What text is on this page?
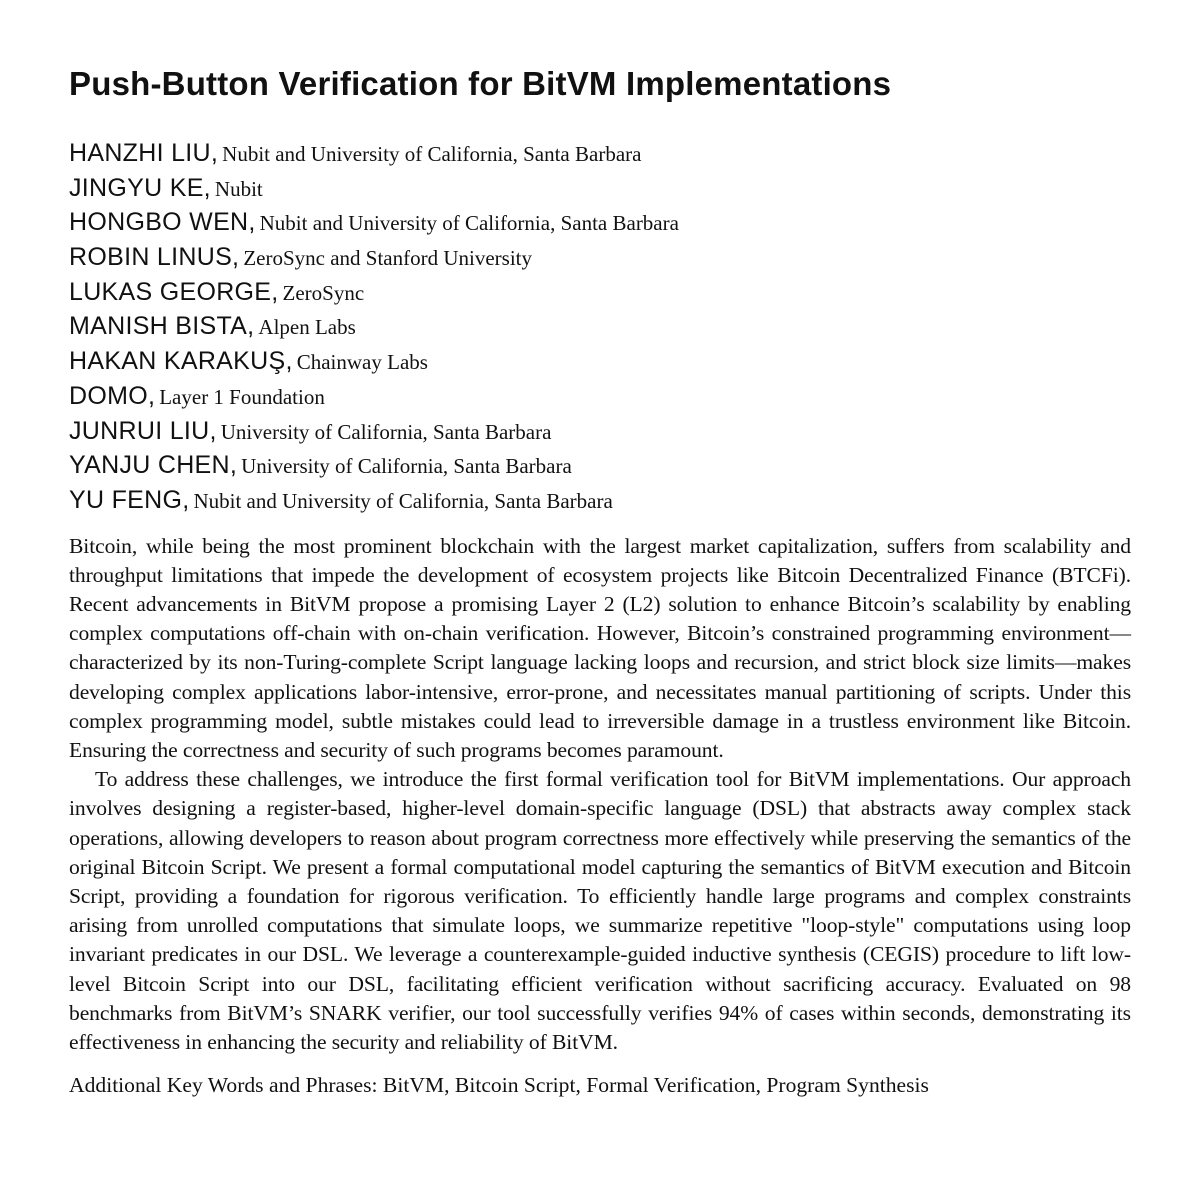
Push-Button Verification for BitVM Implementations
HANZHI LIU, Nubit and University of California, Santa Barbara
JINGYU KE, Nubit
HONGBO WEN, Nubit and University of California, Santa Barbara
ROBIN LINUS, ZeroSync and Stanford University
LUKAS GEORGE, ZeroSync
MANISH BISTA, Alpen Labs
HAKAN KARAKUŞ, Chainway Labs
DOMO, Layer 1 Foundation
JUNRUI LIU, University of California, Santa Barbara
YANJU CHEN, University of California, Santa Barbara
YU FENG, Nubit and University of California, Santa Barbara

Bitcoin, while being the most prominent blockchain with the largest market capitalization, suffers from scalability and throughput limitations that impede the development of ecosystem projects like Bitcoin Decentralized Finance (BTCFi). Recent advancements in BitVM propose a promising Layer 2 (L2) solution to enhance Bitcoin’s scalability by enabling complex computations off-chain with on-chain verification. However, Bitcoin’s constrained programming environment—characterized by its non-Turing-complete Script language lacking loops and recursion, and strict block size limits—makes developing complex applications labor-intensive, error-prone, and necessitates manual partitioning of scripts. Under this complex programming model, subtle mistakes could lead to irreversible damage in a trustless environment like Bitcoin. Ensuring the correctness and security of such programs becomes paramount.

To address these challenges, we introduce the first formal verification tool for BitVM implementations. Our approach involves designing a register-based, higher-level domain-specific language (DSL) that abstracts away complex stack operations, allowing developers to reason about program correctness more effectively while preserving the semantics of the original Bitcoin Script. We present a formal computational model capturing the semantics of BitVM execution and Bitcoin Script, providing a foundation for rigorous verification. To efficiently handle large programs and complex constraints arising from unrolled computations that simulate loops, we summarize repetitive "loop-style" computations using loop invariant predicates in our DSL. We leverage a counterexample-guided inductive synthesis (CEGIS) procedure to lift low-level Bitcoin Script into our DSL, facilitating efficient verification without sacrificing accuracy. Evaluated on 98 benchmarks from BitVM’s SNARK verifier, our tool successfully verifies 94% of cases within seconds, demonstrating its effectiveness in enhancing the security and reliability of BitVM.

Additional Key Words and Phrases: BitVM, Bitcoin Script, Formal Verification, Program Synthesis
